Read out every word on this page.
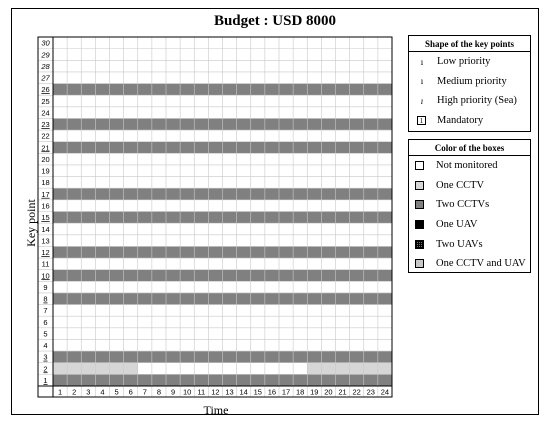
Budget : USD 8000
1
2
3
4
5
6
7
8
9
10
11
12
13
14
15
16
17
18
19
20
21
22
23
24
25
26
27
28
29
30
1 2 3 4 5 6 7 8 9 10 11 12 13 14 15 16 17 18 19 20 21 22 23 24
Key point
Time
Shape of the key points
ı	Low priority
ı	Medium priority
ı	High priority (Sea)
1 Mandatory
Color of the boxes
Not monitored
One CCTV
Two CCTVs
One UAV
Two UAVs
One CCTV and UAV
